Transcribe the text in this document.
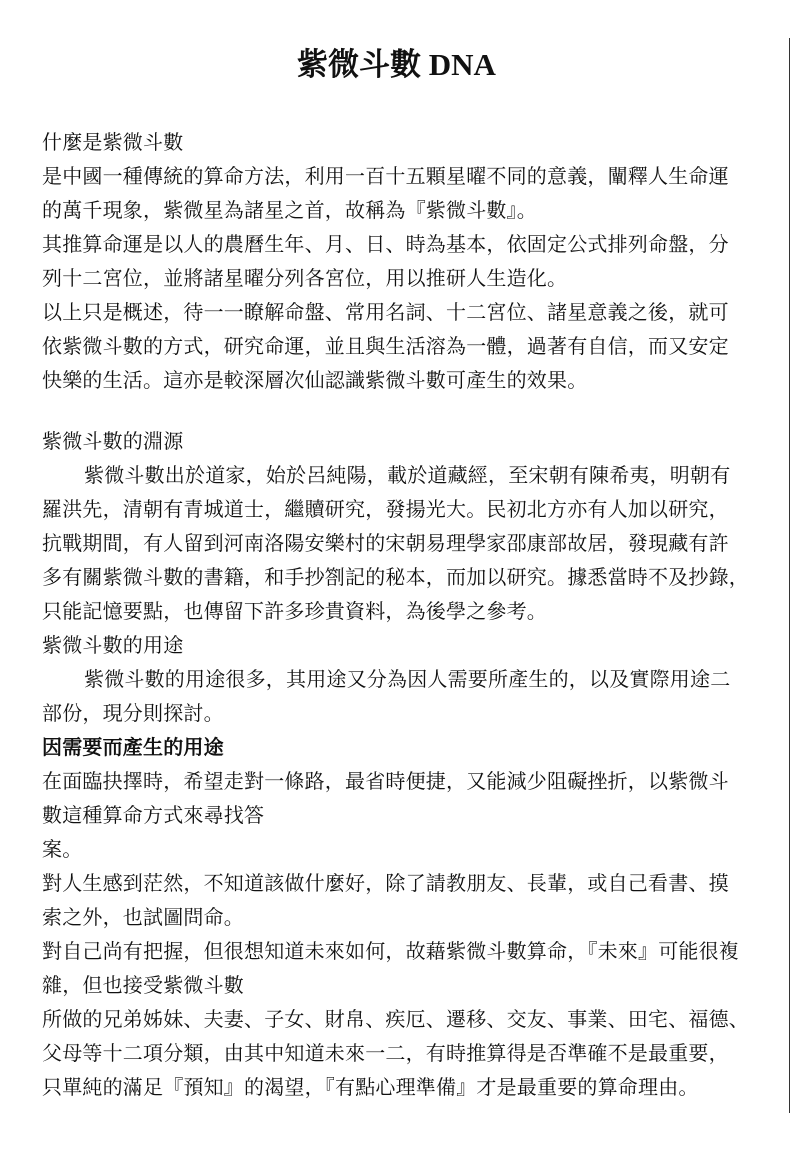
紫微斗數 DNA
什麼是紫微斗數
是中國一種傳統的算命方法，利用一百十五顆星曜不同的意義，闡釋人生命運
的萬千現象，紫微星為諸星之首，故稱為『紫微斗數』。
其推算命運是以人的農曆生年、月、日、時為基本，依固定公式排列命盤，分
列十二宮位，並將諸星曜分列各宮位，用以推研人生造化。
以上只是概述，待一一瞭解命盤、常用名詞、十二宮位、諸星意義之後，就可
依紫微斗數的方式，研究命運，並且與生活溶為一體，過著有自信，而又安定
快樂的生活。這亦是較深層次仙認識紫微斗數可產生的效果。
紫微斗數的淵源
紫微斗數出於道家，始於呂純陽，載於道藏經，至宋朝有陳希夷，明朝有
羅洪先，清朝有青城道士，繼贖研究，發揚光大。民初北方亦有人加以研究，
抗戰期間，有人留到河南洛陽安樂村的宋朝易理學家邵康部故居，發現藏有許
多有關紫微斗數的書籍，和手抄劄記的秘本，而加以研究。據悉當時不及抄錄，
只能記憶要點，也傳留下許多珍貴資料，為後學之參考。
紫微斗數的用途
紫微斗數的用途很多，其用途又分為因人需要所產生的，以及實際用途二
部份，現分則探討。
因需要而產生的用途
在面臨抉擇時，希望走對一條路，最省時便捷，又能減少阻礙挫折，以紫微斗
數這種算命方式來尋找答
案。
對人生感到茫然，不知道該做什麼好，除了請教朋友、長輩，或自己看書、摸
索之外，也試圖問命。
對自己尚有把握，但很想知道未來如何，故藉紫微斗數算命，『未來』可能很複
雜，但也接受紫微斗數
所做的兄弟姊妹、夫妻、子女、財帛、疾厄、遷移、交友、事業、田宅、福德、
父母等十二項分類，由其中知道未來一二，有時推算得是否準確不是最重要，
只單純的滿足『預知』的渴望，『有點心理準備』才是最重要的算命理由。
